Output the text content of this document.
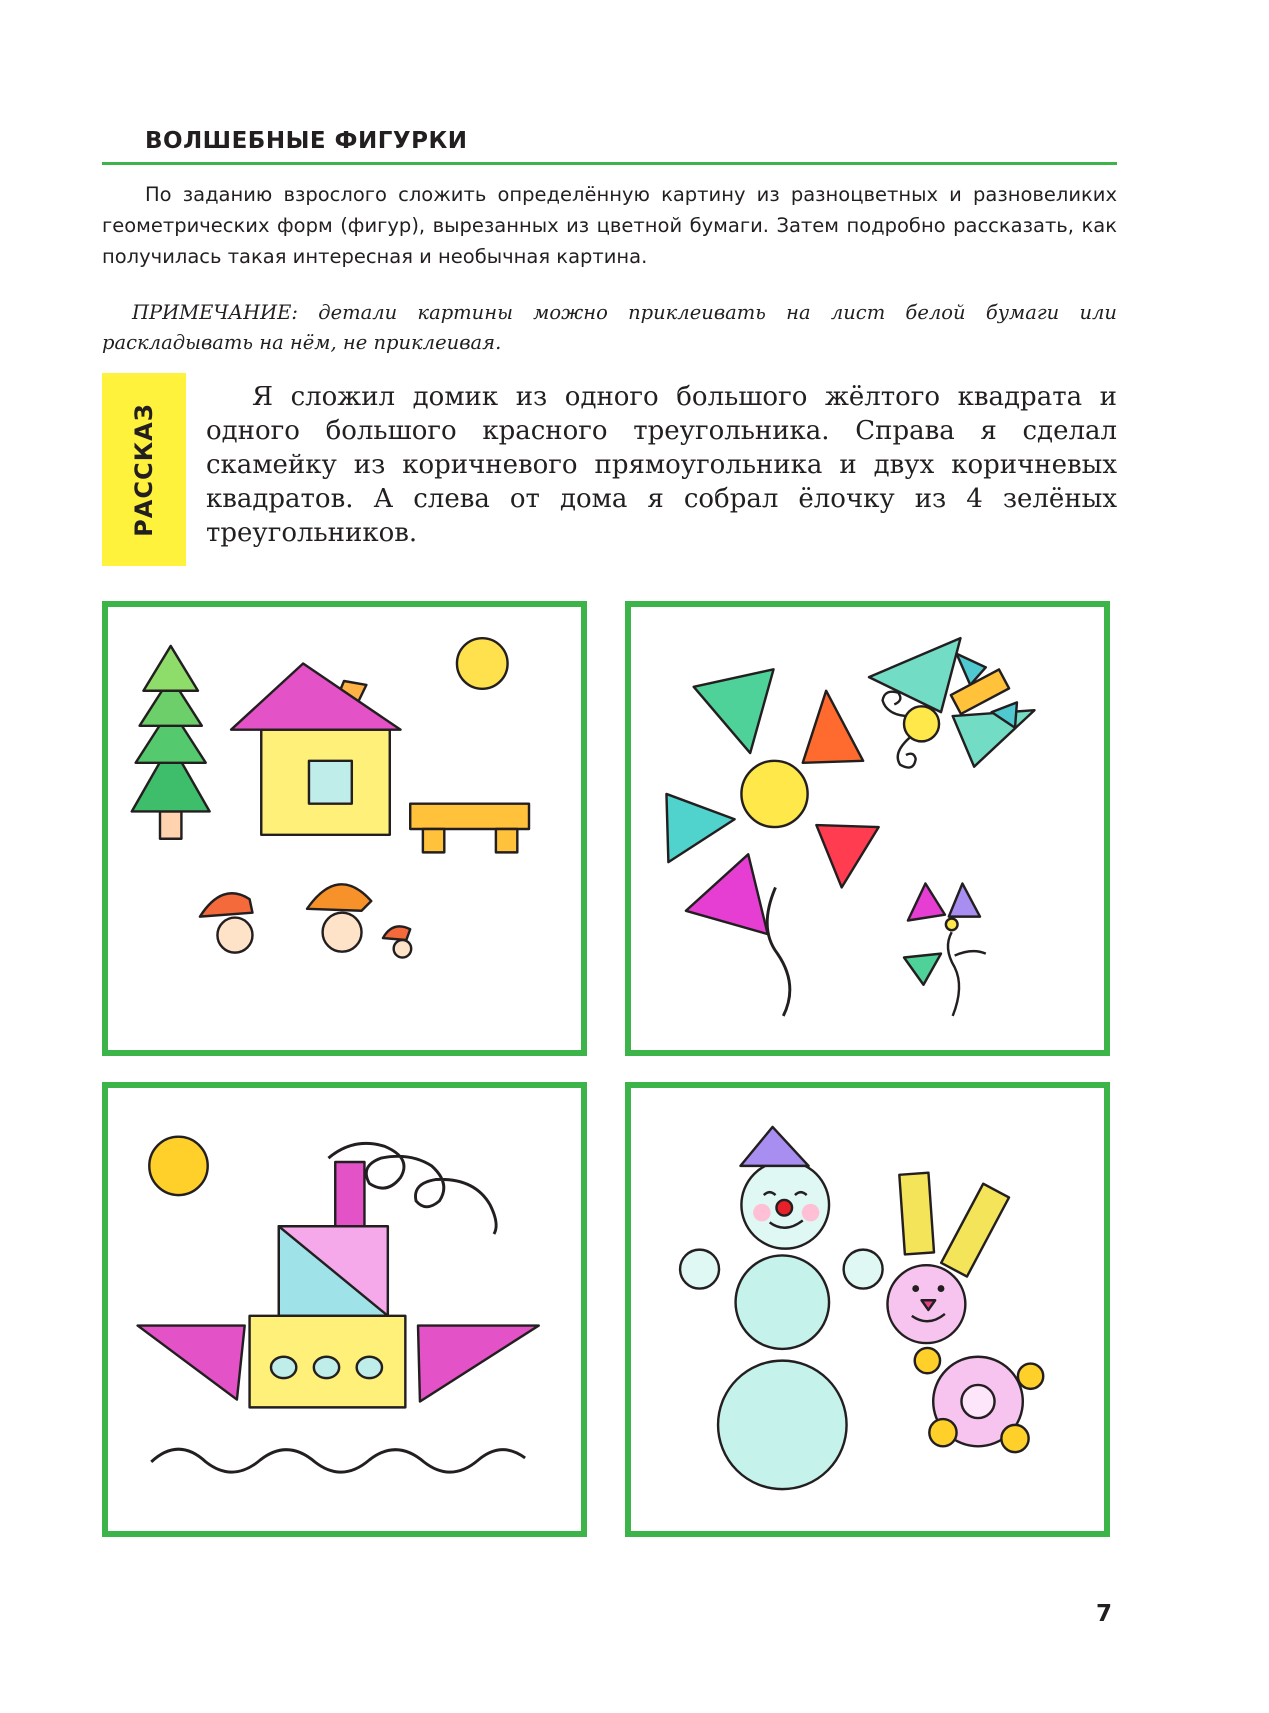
ВОЛШЕБНЫЕ ФИГУРКИ

По заданию взрослого сложить определённую картину из разноцветных и разновеликих геометрических форм (фигур), вырезанных из цветной бумаги. Затем подробно рассказать, как получилась такая интересная и необычная картина.

ПРИМЕЧАНИЕ: детали картины можно приклеивать на лист белой бумаги или раскладывать на нём, не приклеивая.

РАССКАЗ

Я сложил домик из одного большого жёлтого квадрата и одного большого красного треугольника. Справа я сделал скамейку из коричневого прямоугольника и двух коричневых квадратов. А слева от дома я собрал ёлочку из 4 зелёных треугольников.

7
